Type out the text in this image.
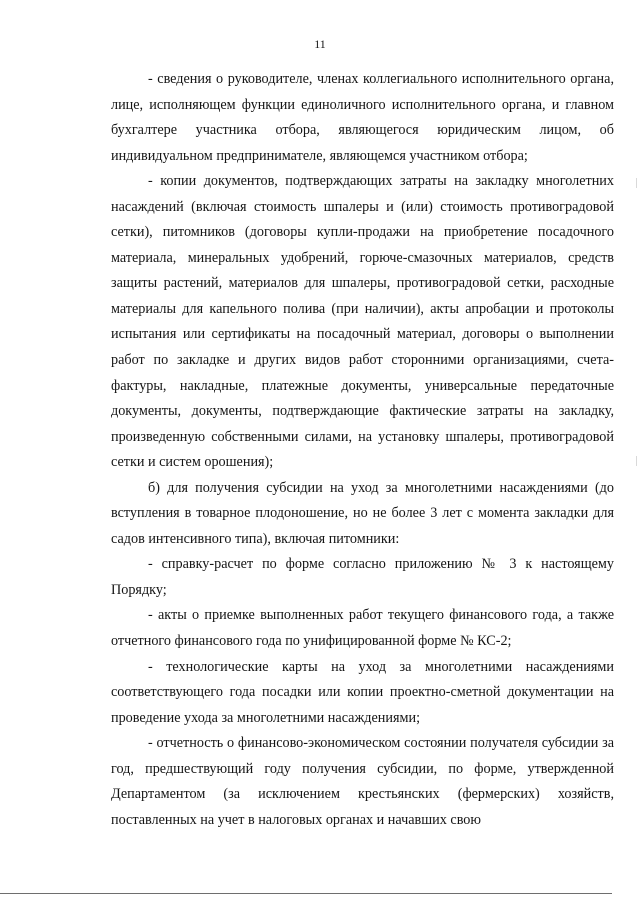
11

- сведения о руководителе, членах коллегиального исполнительного органа, лице, исполняющем функции единоличного исполнительного органа, и главном бухгалтере участника отбора, являющегося юридическим лицом, об индивидуальном предпринимателе, являющемся участником отбора;

- копии документов, подтверждающих затраты на закладку многолетних насаждений (включая стоимость шпалеры и (или) стоимость противоградовой сетки), питомников (договоры купли-продажи на приобретение посадочного материала, минеральных удобрений, горюче-смазочных материалов, средств защиты растений, материалов для шпалеры, противоградовой сетки, расходные материалы для капельного полива (при наличии), акты апробации и протоколы испытания или сертификаты на посадочный материал, договоры о выполнении работ по закладке и других видов работ сторонними организациями, счета-фактуры, накладные, платежные документы, универсальные передаточные документы, документы, подтверждающие фактические затраты на закладку, произведенную собственными силами, на установку шпалеры, противоградовой сетки и систем орошения);

б) для получения субсидии на уход за многолетними насаждениями (до вступления в товарное плодоношение, но не более 3 лет с момента закладки для садов интенсивного типа), включая питомники:

- справку-расчет по форме согласно приложению № 3 к настоящему Порядку;

- акты о приемке выполненных работ текущего финансового года, а также отчетного финансового года по унифицированной форме № КС-2;

- технологические карты на уход за многолетними насаждениями соответствующего года посадки или копии проектно-сметной документации на проведение ухода за многолетними насаждениями;

- отчетность о финансово-экономическом состоянии получателя субсидии за год, предшествующий году получения субсидии, по форме, утвержденной Департаментом (за исключением крестьянских (фермерских) хозяйств, поставленных на учет в налоговых органах и начавших свою
